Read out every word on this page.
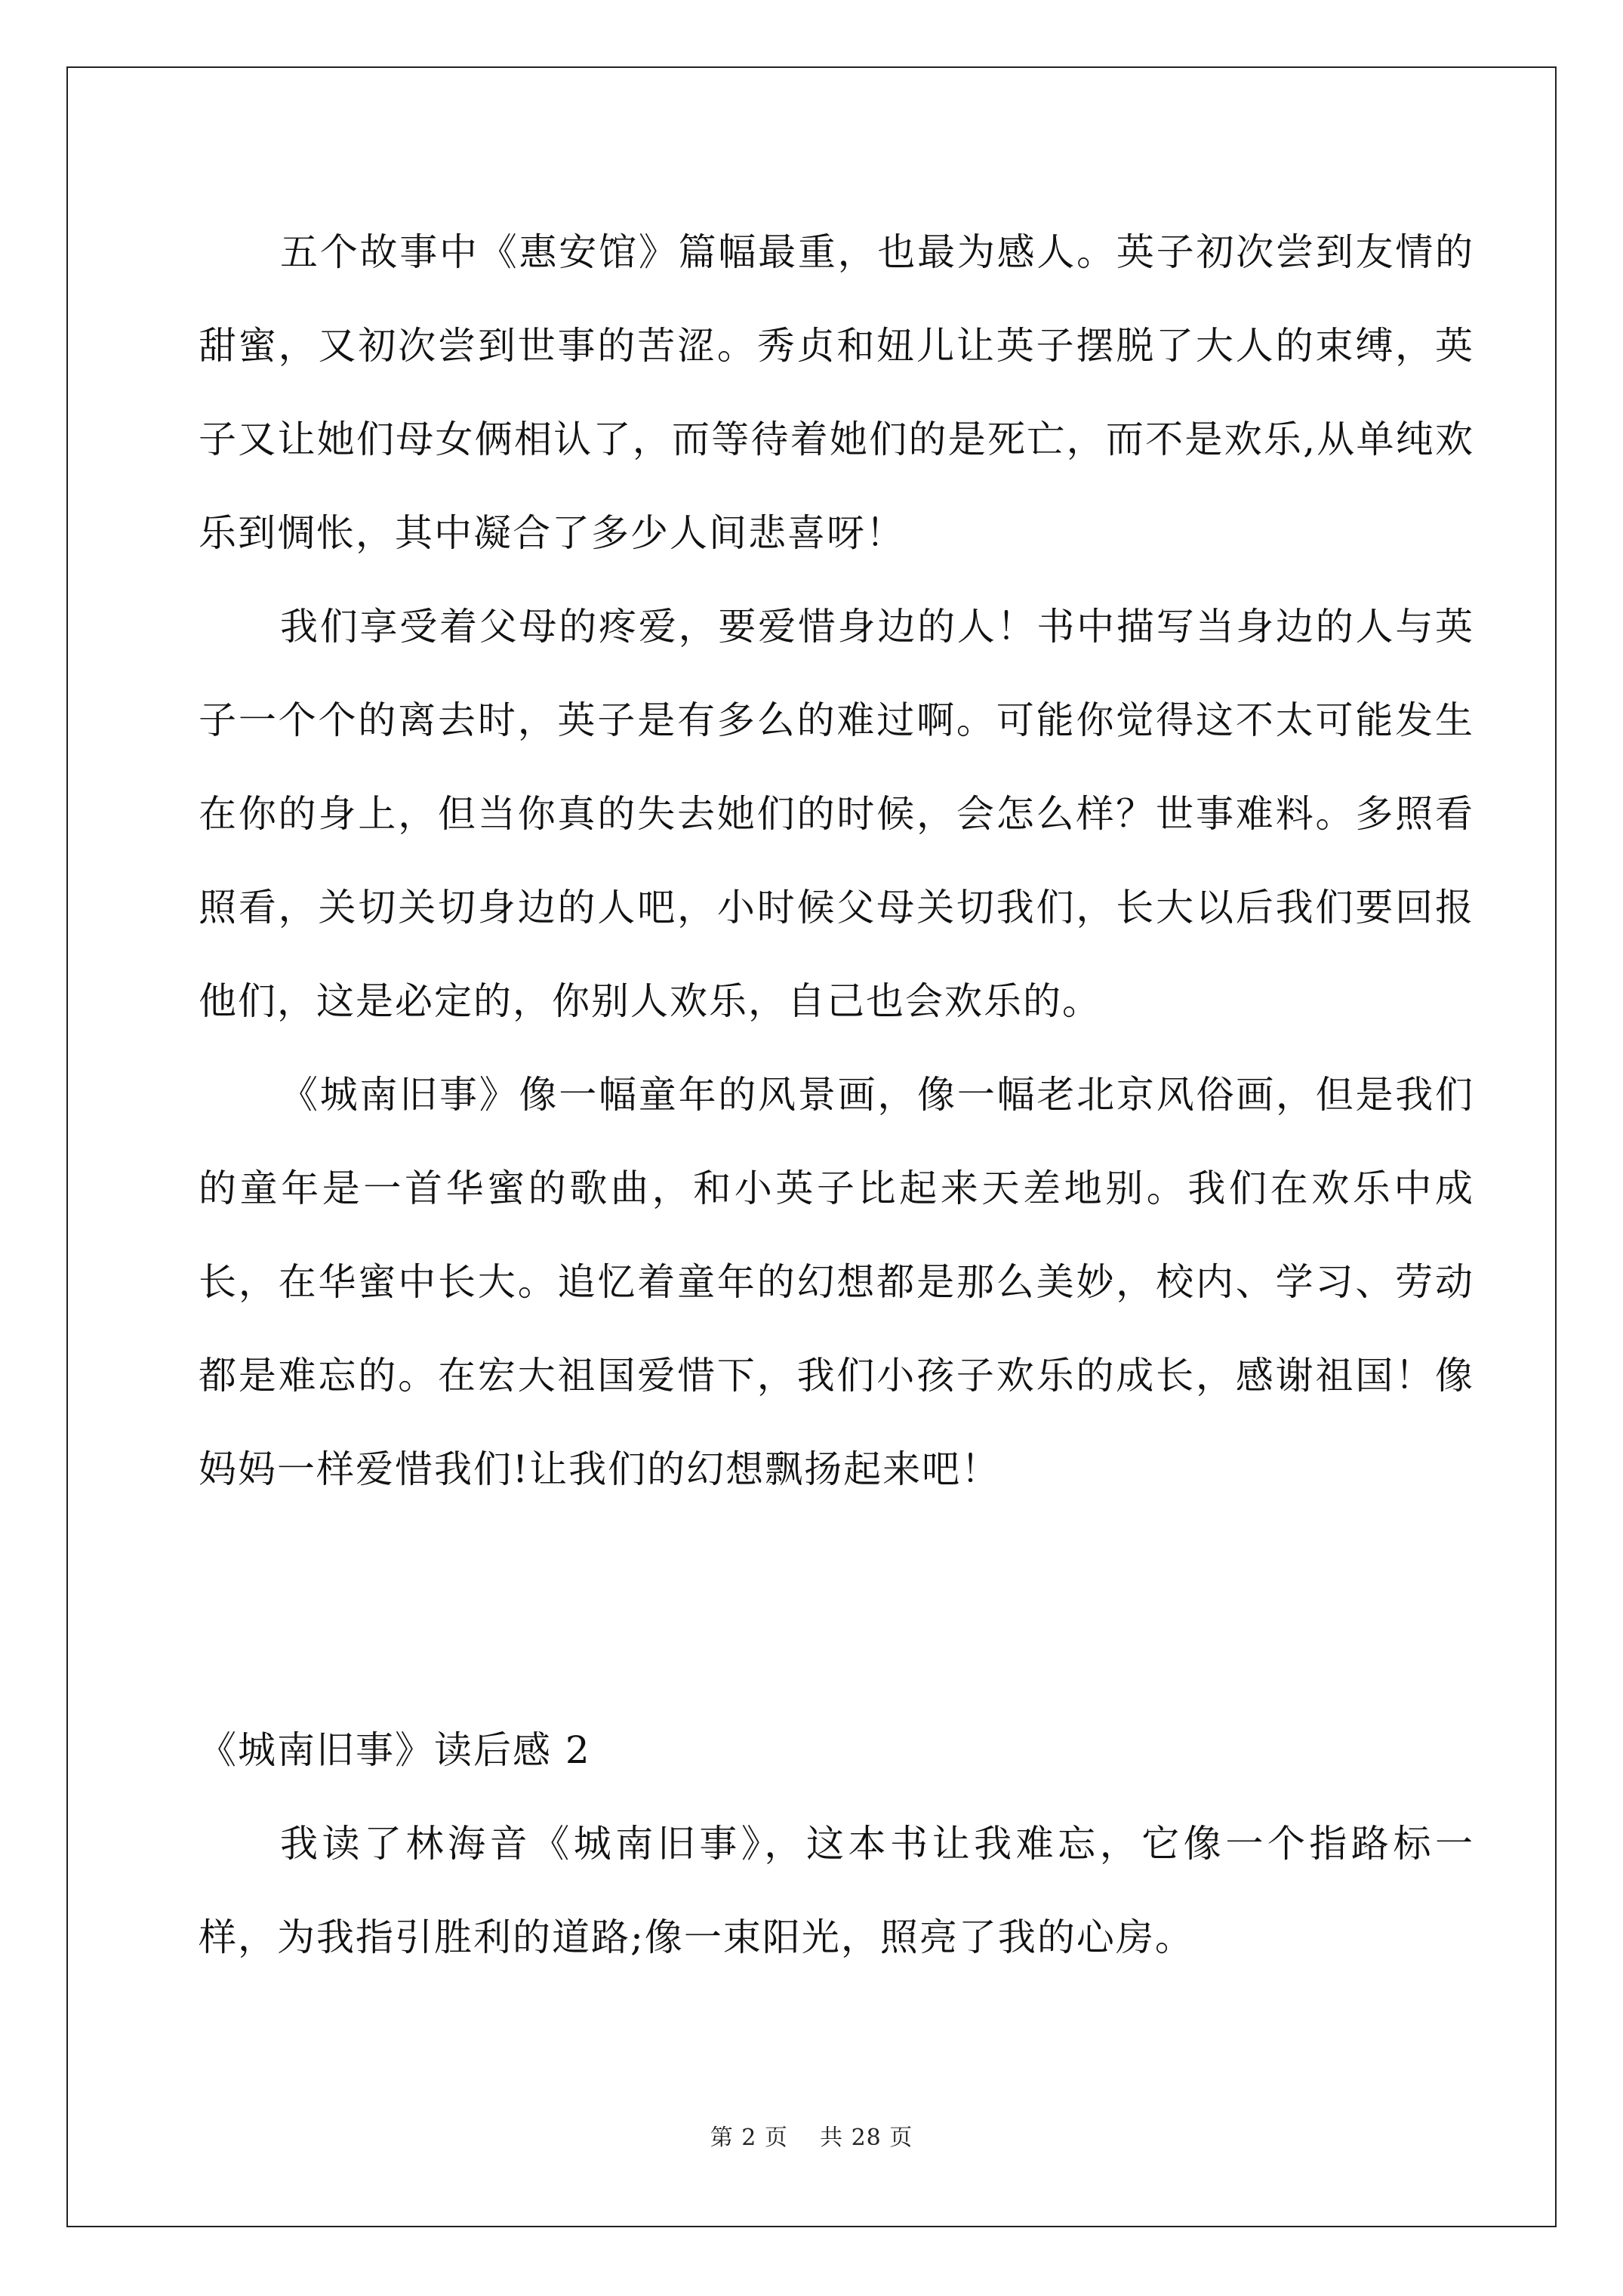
五个故事中《惠安馆》篇幅最重，也最为感人。英子初次尝到友情的甜蜜，又初次尝到世事的苦涩。秀贞和妞儿让英子摆脱了大人的束缚，英子又让她们母女俩相认了，而等待着她们的是死亡，而不是欢乐,从单纯欢乐到惆怅，其中凝合了多少人间悲喜呀！

我们享受着父母的疼爱，要爱惜身边的人！书中描写当身边的人与英子一个个的离去时，英子是有多么的难过啊。可能你觉得这不太可能发生在你的身上，但当你真的失去她们的时候，会怎么样？世事难料。多照看照看，关切关切身边的人吧，小时候父母关切我们，长大以后我们要回报他们，这是必定的，你别人欢乐，自己也会欢乐的。

《城南旧事》像一幅童年的风景画，像一幅老北京风俗画，但是我们的童年是一首华蜜的歌曲，和小英子比起来天差地别。我们在欢乐中成长，在华蜜中长大。追忆着童年的幻想都是那么美妙，校内、学习、劳动都是难忘的。在宏大祖国爱惜下，我们小孩子欢乐的成长，感谢祖国！像妈妈一样爱惜我们!让我们的幻想飘扬起来吧！

我读了林海音《城南旧事》，这本书让我难忘，它像一个指路标一样，为我指引胜利的道路;像一束阳光，照亮了我的心房。

《城南旧事》读后感 2
第 2 页 共 28 页
